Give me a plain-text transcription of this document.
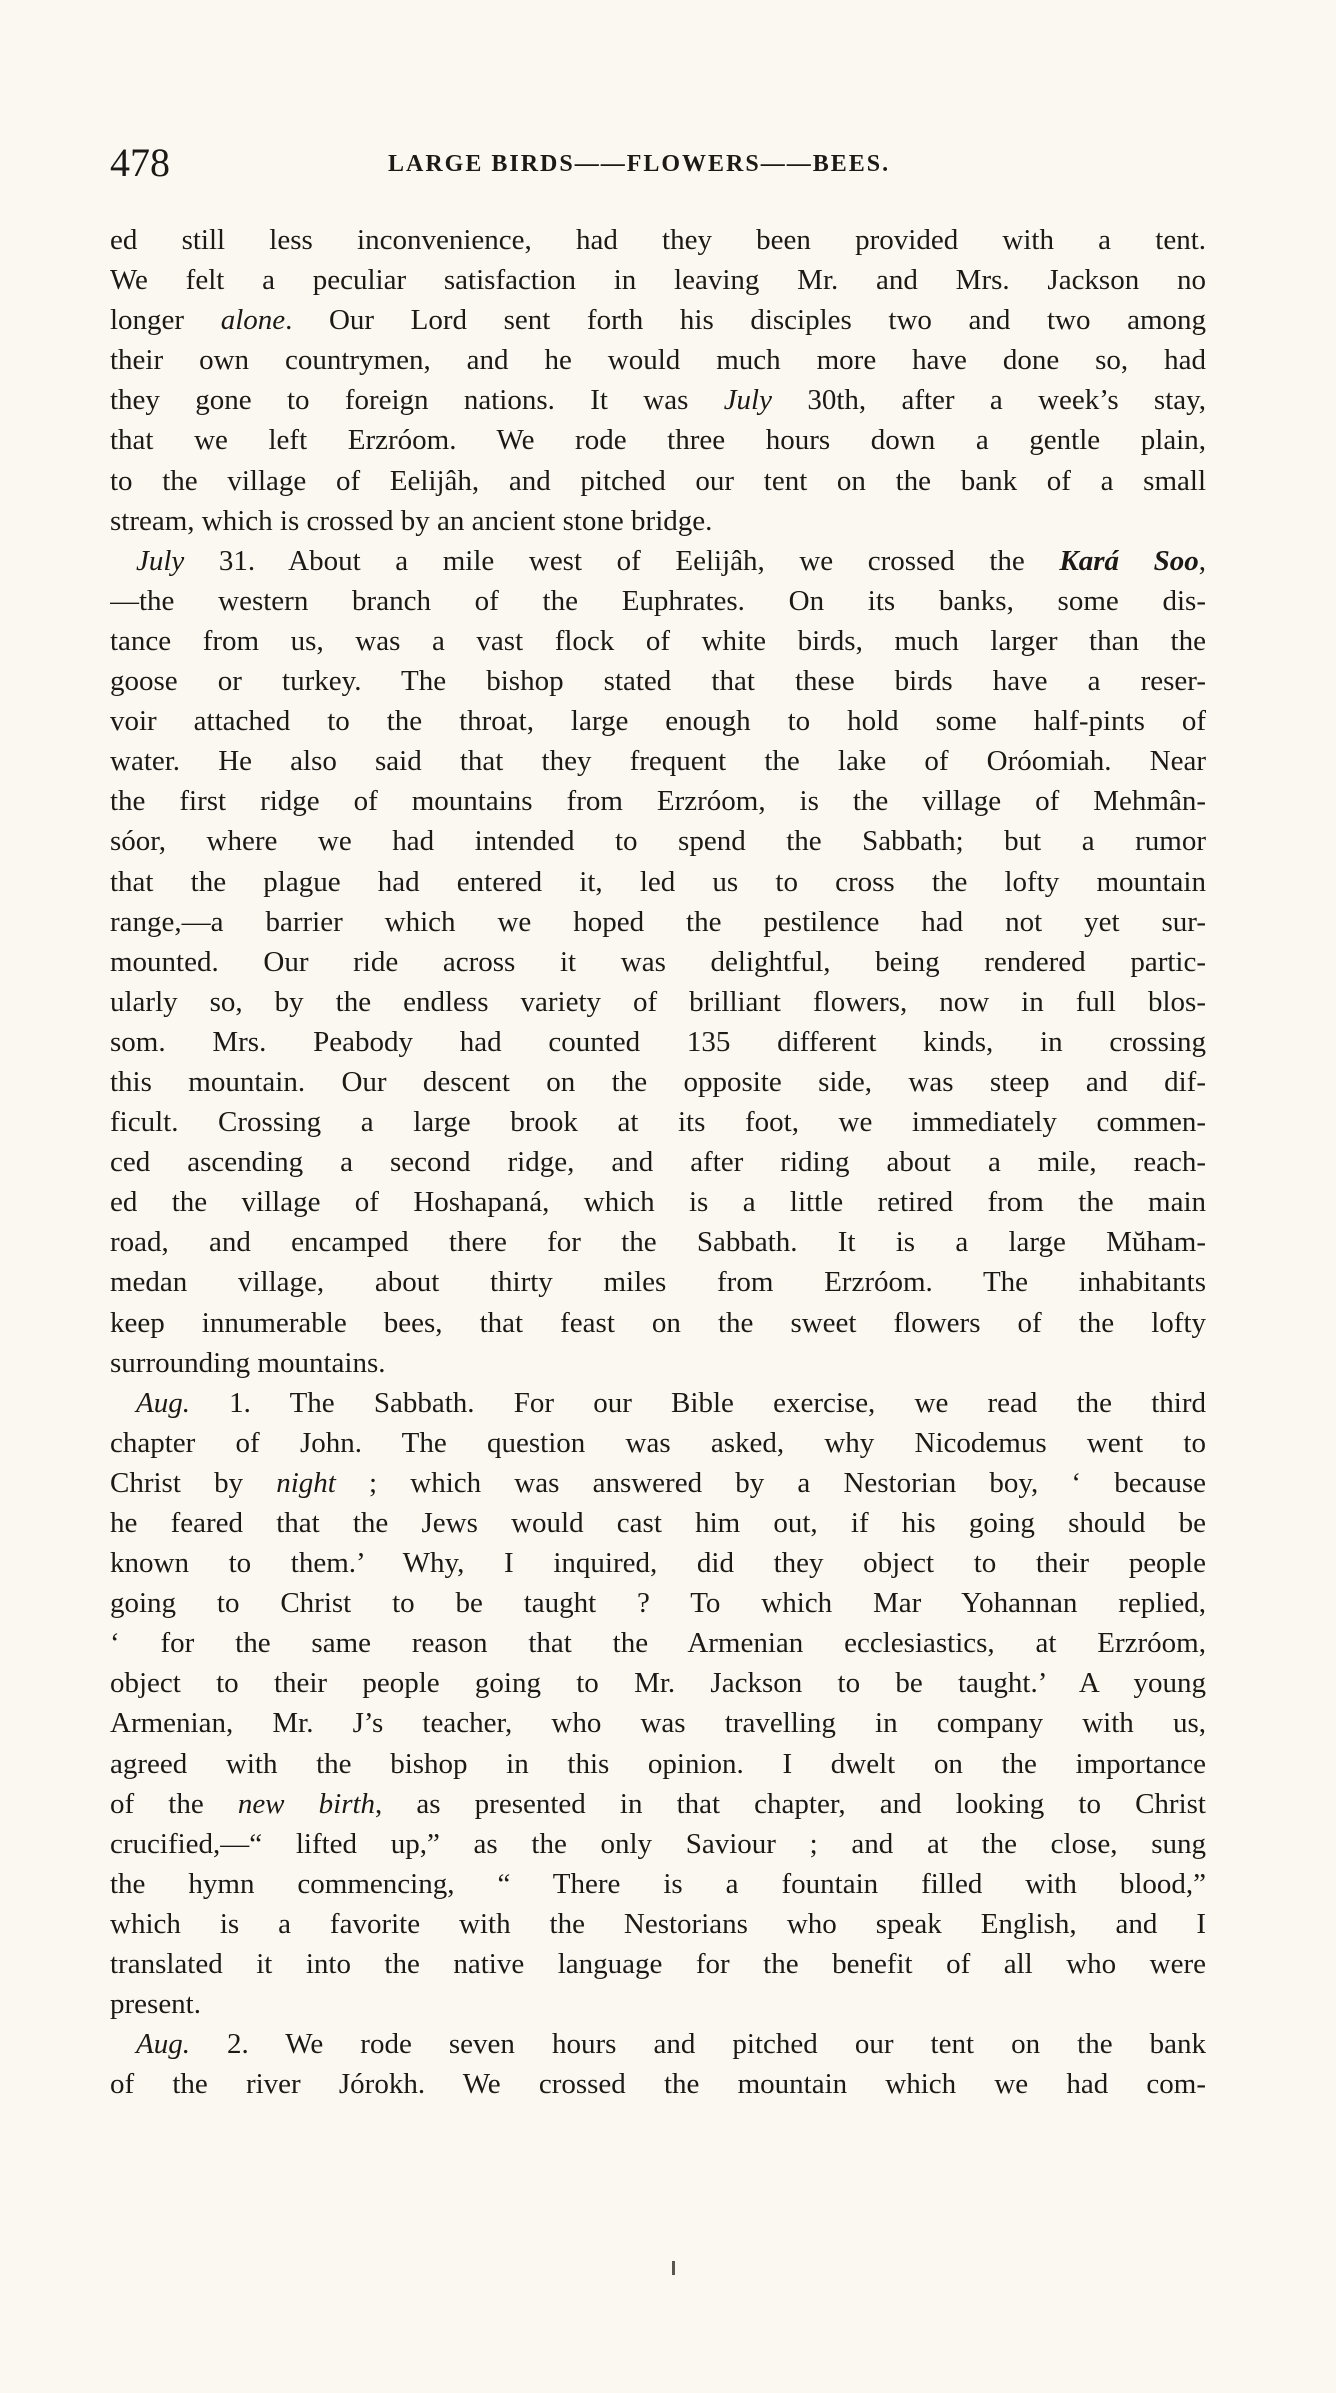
478	LARGE BIRDS——FLOWERS——BEES.
ed still less inconvenience, had they been provided with a tent.
We felt a peculiar satisfaction in leaving Mr. and Mrs. Jackson no
longer alone. Our Lord sent forth his disciples two and two among
their own countrymen, and he would much more have done so, had
they gone to foreign nations. It was July 30th, after a week’s stay,
that we left Erzróom. We rode three hours down a gentle plain,
to the village of Eelijâh, and pitched our tent on the bank of a small
stream, which is crossed by an ancient stone bridge.
July 31. About a mile west of Eelijâh, we crossed the Kará Soo,
—the western branch of the Euphrates. On its banks, some dis-
tance from us, was a vast flock of white birds, much larger than the
goose or turkey. The bishop stated that these birds have a reser-
voir attached to the throat, large enough to hold some half-pints of
water. He also said that they frequent the lake of Oróomiah. Near
the first ridge of mountains from Erzróom, is the village of Mehmân-
sóor, where we had intended to spend the Sabbath; but a rumor
that the plague had entered it, led us to cross the lofty mountain
range,—a barrier which we hoped the pestilence had not yet sur-
mounted. Our ride across it was delightful, being rendered partic-
ularly so, by the endless variety of brilliant flowers, now in full blos-
som. Mrs. Peabody had counted 135 different kinds, in crossing
this mountain. Our descent on the opposite side, was steep and dif-
ficult. Crossing a large brook at its foot, we immediately commen-
ced ascending a second ridge, and after riding about a mile, reach-
ed the village of Hoshapaná, which is a little retired from the main
road, and encamped there for the Sabbath. It is a large Mŭham-
medan village, about thirty miles from Erzróom. The inhabitants
keep innumerable bees, that feast on the sweet flowers of the lofty
surrounding mountains.
Aug. 1. The Sabbath. For our Bible exercise, we read the third
chapter of John. The question was asked, why Nicodemus went to
Christ by night ; which was answered by a Nestorian boy, ‘ because
he feared that the Jews would cast him out, if his going should be
known to them.’ Why, I inquired, did they object to their people
going to Christ to be taught ? To which Mar Yohannan replied,
‘ for the same reason that the Armenian ecclesiastics, at Erzróom,
object to their people going to Mr. Jackson to be taught.’ A young
Armenian, Mr. J’s teacher, who was travelling in company with us,
agreed with the bishop in this opinion. I dwelt on the importance
of the new birth, as presented in that chapter, and looking to Christ
crucified,—“ lifted up,” as the only Saviour ; and at the close, sung
the hymn commencing, “ There is a fountain filled with blood,”
which is a favorite with the Nestorians who speak English, and I
translated it into the native language for the benefit of all who were
present.
Aug. 2. We rode seven hours and pitched our tent on the bank
of the river Jórokh. We crossed the mountain which we had com-
